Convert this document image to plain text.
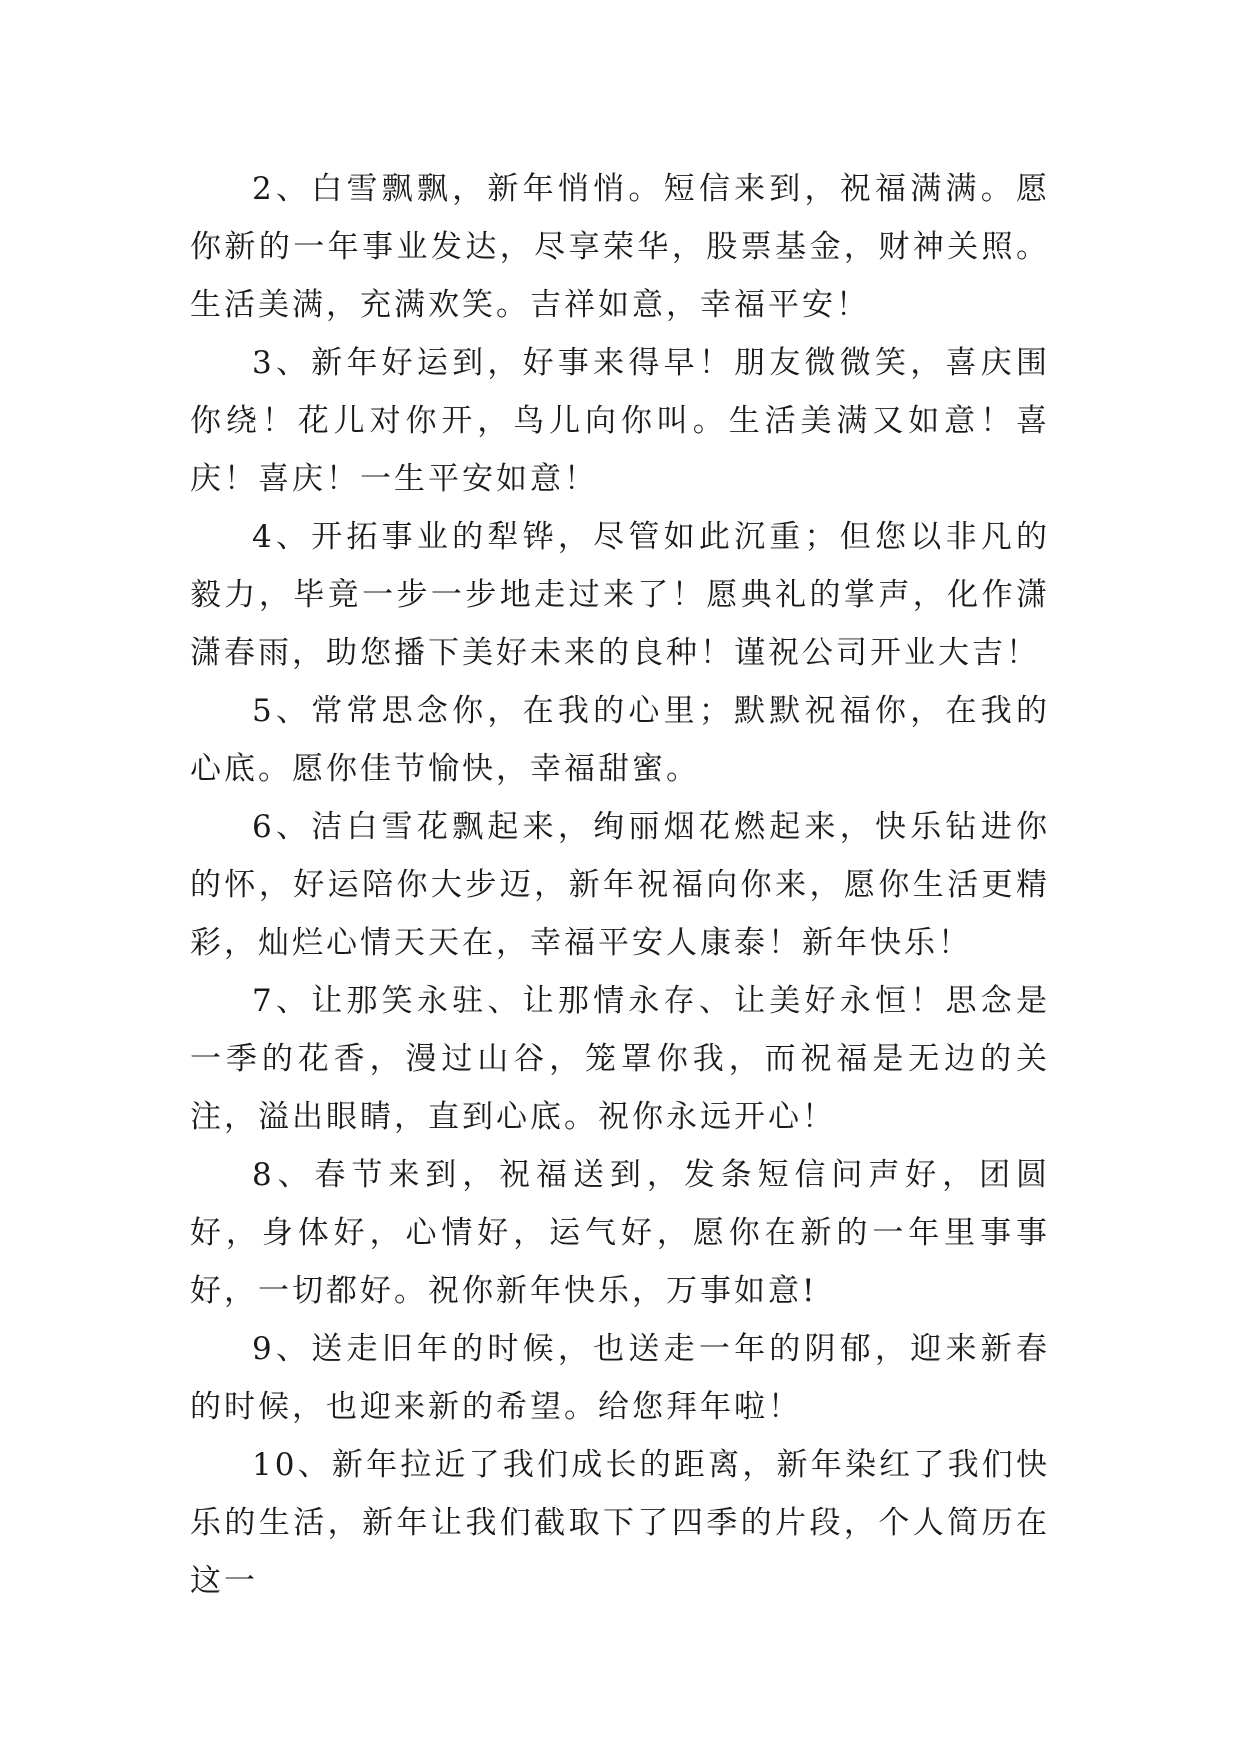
2、白雪飘飘，新年悄悄。短信来到，祝福满满。愿你新的一年事业发达，尽享荣华，股票基金，财神关照。生活美满，充满欢笑。吉祥如意，幸福平安！

3、新年好运到，好事来得早！朋友微微笑，喜庆围你绕！花儿对你开，鸟儿向你叫。生活美满又如意！喜庆！喜庆！一生平安如意！

4、开拓事业的犁铧，尽管如此沉重；但您以非凡的毅力，毕竟一步一步地走过来了！愿典礼的掌声，化作潇潇春雨，助您播下美好未来的良种！谨祝公司开业大吉！

5、常常思念你，在我的心里；默默祝福你，在我的心底。愿你佳节愉快，幸福甜蜜。

6、洁白雪花飘起来，绚丽烟花燃起来，快乐钻进你的怀，好运陪你大步迈，新年祝福向你来，愿你生活更精彩，灿烂心情天天在，幸福平安人康泰！新年快乐！

7、让那笑永驻、让那情永存、让美好永恒！思念是一季的花香，漫过山谷，笼罩你我，而祝福是无边的关注，溢出眼睛，直到心底。祝你永远开心！

8、春节来到，祝福送到，发条短信问声好，团圆好，身体好，心情好，运气好，愿你在新的一年里事事好，一切都好。祝你新年快乐，万事如意!

9、送走旧年的时候，也送走一年的阴郁，迎来新春的时候，也迎来新的希望。给您拜年啦！

10、新年拉近了我们成长的距离，新年染红了我们快乐的生活，新年让我们截取下了四季的片段，个人简历在这一
